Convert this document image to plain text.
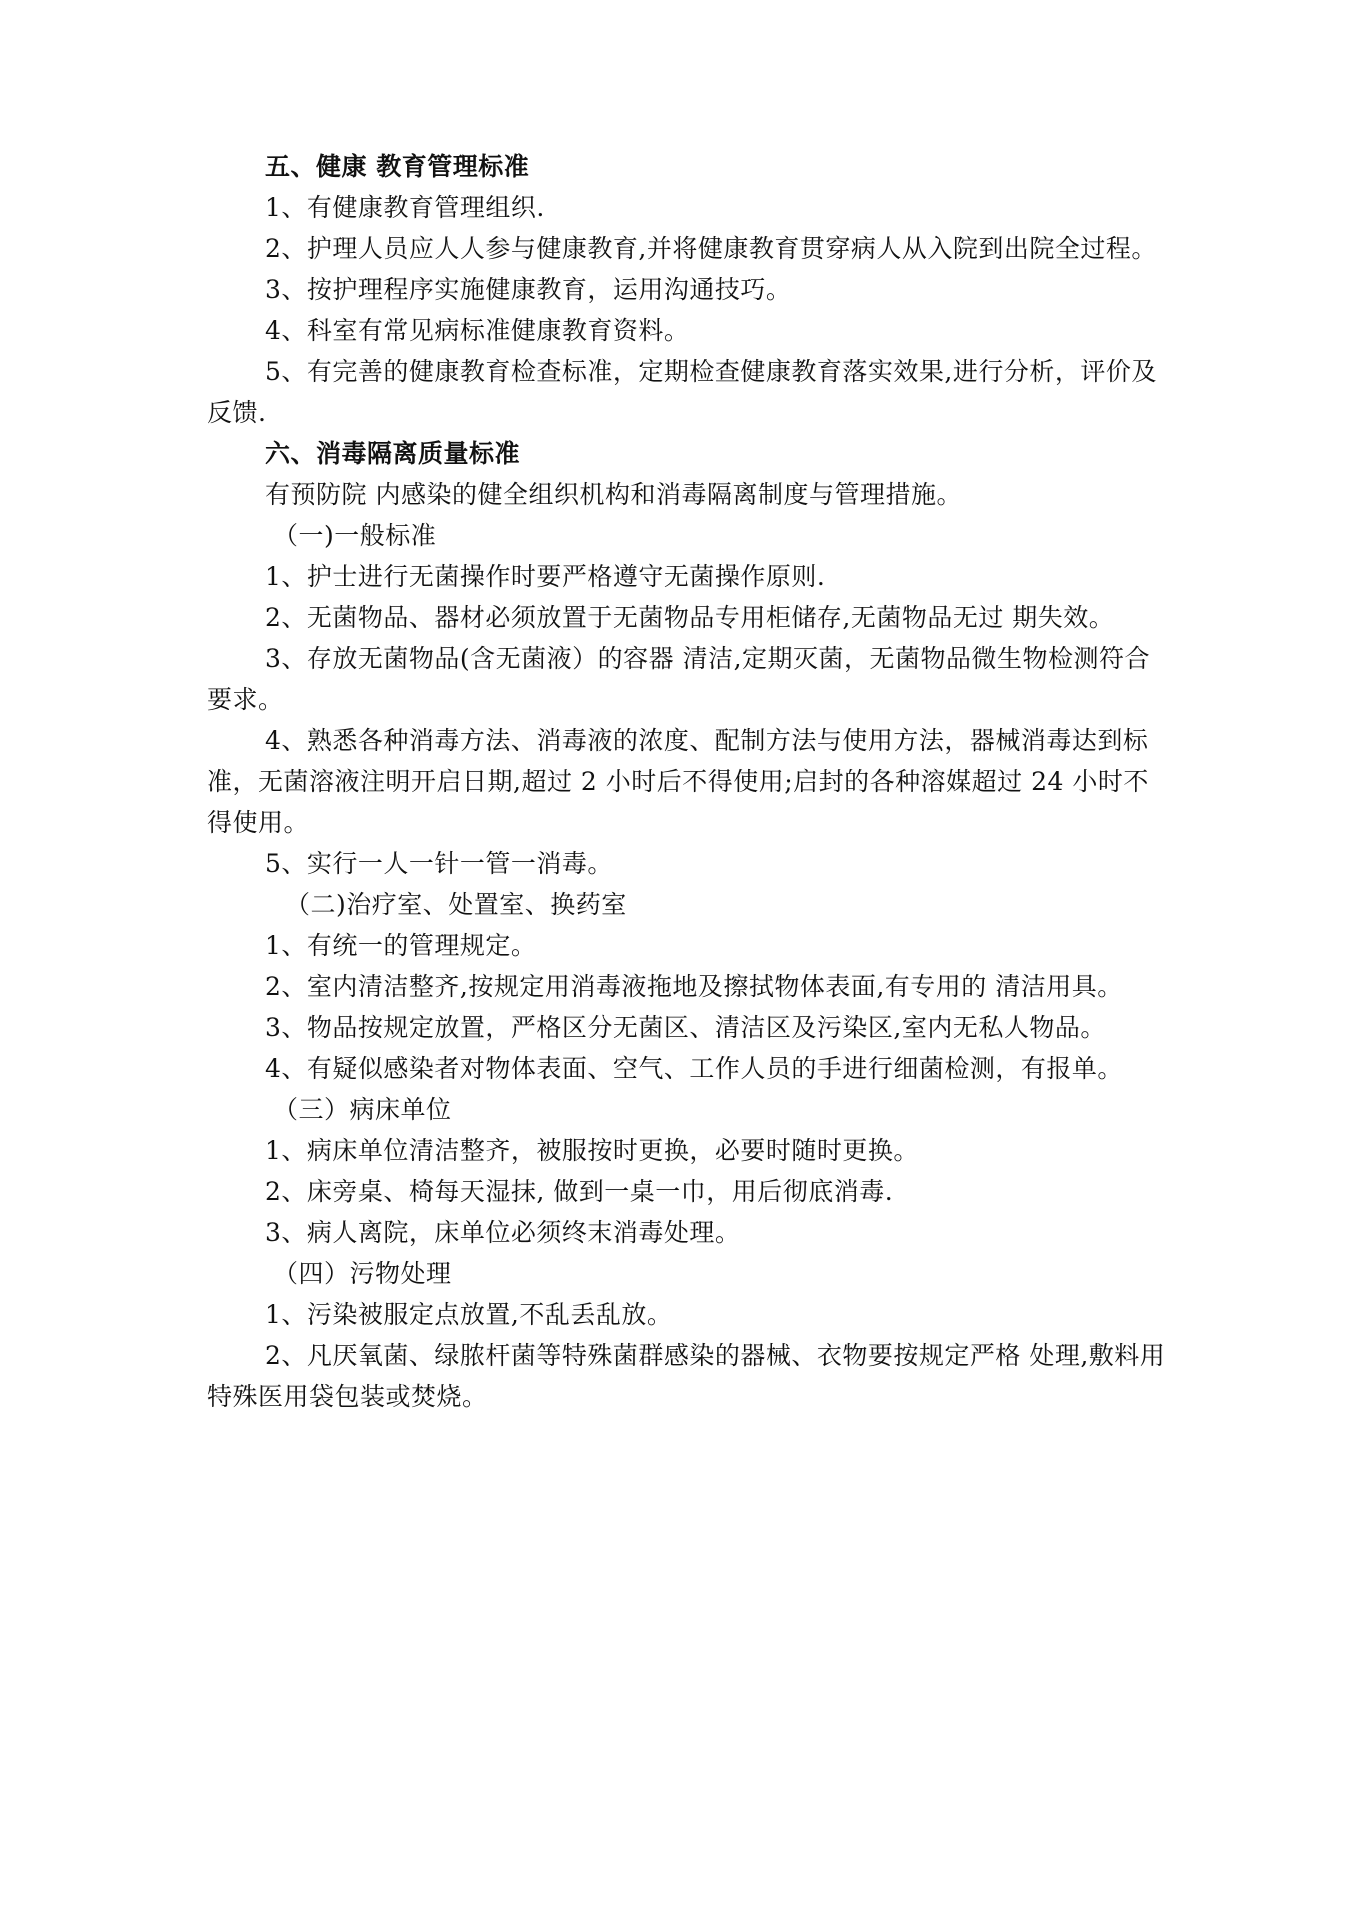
五、健康 教育管理标准

1、有健康教育管理组织.

2、护理人员应人人参与健康教育,并将健康教育贯穿病人从入院到出院全过程。

3、按护理程序实施健康教育，运用沟通技巧。

4、科室有常见病标准健康教育资料。

5、有完善的健康教育检查标准，定期检查健康教育落实效果,进行分析，评价及反馈.

六、消毒隔离质量标准

有预防院 内感染的健全组织机构和消毒隔离制度与管理措施。

（一)一般标准

1、护士进行无菌操作时要严格遵守无菌操作原则.

2、无菌物品、器材必须放置于无菌物品专用柜储存,无菌物品无过 期失效。

3、存放无菌物品(含无菌液）的容器 清洁,定期灭菌，无菌物品微生物检测符合要求。

4、熟悉各种消毒方法、消毒液的浓度、配制方法与使用方法，器械消毒达到标准，无菌溶液注明开启日期,超过 2 小时后不得使用;启封的各种溶媒超过 24 小时不得使用。

5、实行一人一针一管一消毒。

（二)治疗室、处置室、换药室

1、有统一的管理规定。

2、室内清洁整齐,按规定用消毒液拖地及擦拭物体表面,有专用的 清洁用具。

3、物品按规定放置，严格区分无菌区、清洁区及污染区,室内无私人物品。

4、有疑似感染者对物体表面、空气、工作人员的手进行细菌检测，有报单。

（三）病床单位

1、病床单位清洁整齐，被服按时更换，必要时随时更换。

2、床旁桌、椅每天湿抹, 做到一桌一巾，用后彻底消毒.

3、病人离院，床单位必须终末消毒处理。

（四）污物处理

1、污染被服定点放置,不乱丢乱放。

2、凡厌氧菌、绿脓杆菌等特殊菌群感染的器械、衣物要按规定严格 处理,敷料用特殊医用袋包装或焚烧。
